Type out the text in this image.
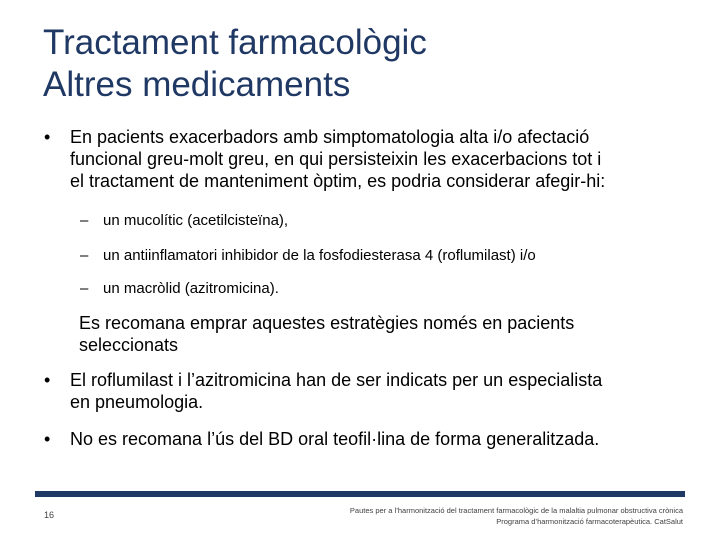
Tractament farmacològic
Altres medicaments
• En pacients exacerbadors amb simptomatologia alta i/o afectació
funcional greu-molt greu, en qui persisteixin les exacerbacions tot i
el tractament de manteniment òptim, es podria considerar afegir-hi:
– un mucolític (acetilcisteïna),
– un antiinflamatori inhibidor de la fosfodiesterasa 4 (roflumilast) i/o
– un macròlid (azitromicina).
Es recomana emprar aquestes estratègies només en pacients
seleccionats
• El roflumilast i l’azitromicina han de ser indicats per un especialista
en pneumologia.
• No es recomana l’ús del BD oral teofil·lina de forma generalitzada.
16	Pautes per a l’harmonització del tractament farmacològic de la malaltia pulmonar obstructiva crònica
Programa d’harmonització farmacoterapèutica. CatSalut
